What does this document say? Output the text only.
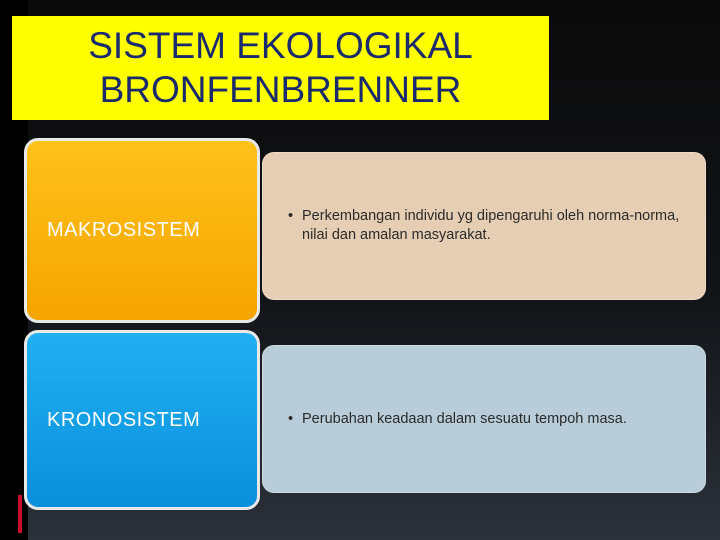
SISTEM EKOLOGIKAL
BRONFENBRENNER
MAKROSISTEM
• Perkembangan individu yg dipengaruhi oleh norma-norma, nilai dan amalan masyarakat.
KRONOSISTEM	• Perubahan keadaan dalam sesuatu tempoh masa.
